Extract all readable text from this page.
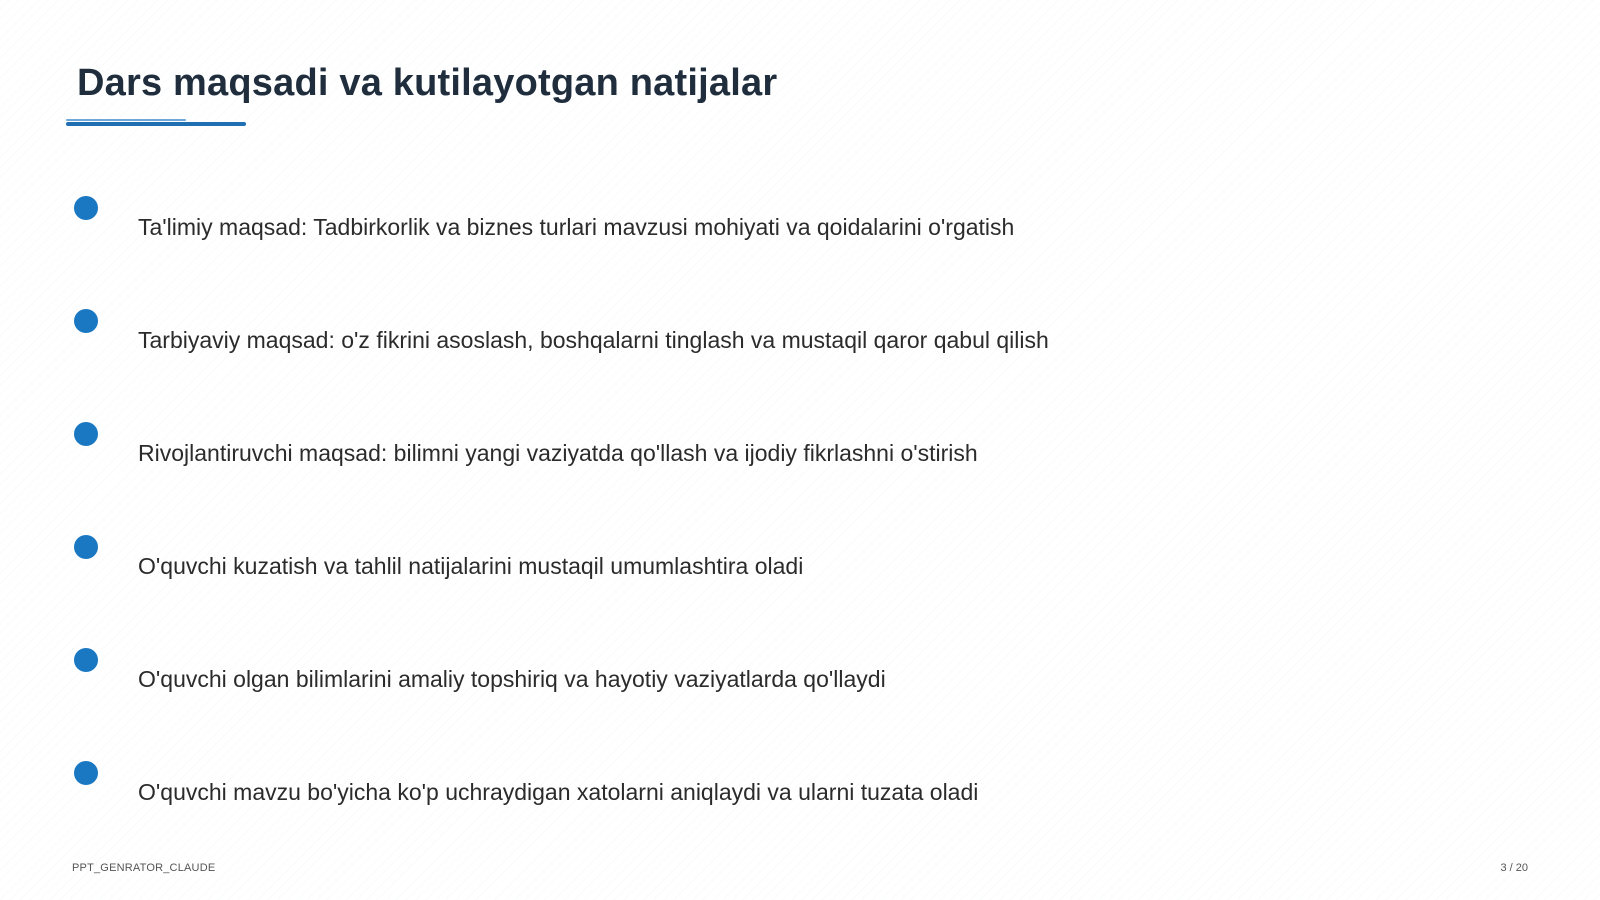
Dars maqsadi va kutilayotgan natijalar
Ta'limiy maqsad: Tadbirkorlik va biznes turlari mavzusi mohiyati va qoidalarini o'rgatish
Tarbiyaviy maqsad: o'z fikrini asoslash, boshqalarni tinglash va mustaqil qaror qabul qilish
Rivojlantiruvchi maqsad: bilimni yangi vaziyatda qo'llash va ijodiy fikrlashni o'stirish
O'quvchi kuzatish va tahlil natijalarini mustaqil umumlashtira oladi
O'quvchi olgan bilimlarini amaliy topshiriq va hayotiy vaziyatlarda qo'llaydi
O'quvchi mavzu bo'yicha ko'p uchraydigan xatolarni aniqlaydi va ularni tuzata oladi
PPT_GENRATOR_CLAUDE	3 / 20
